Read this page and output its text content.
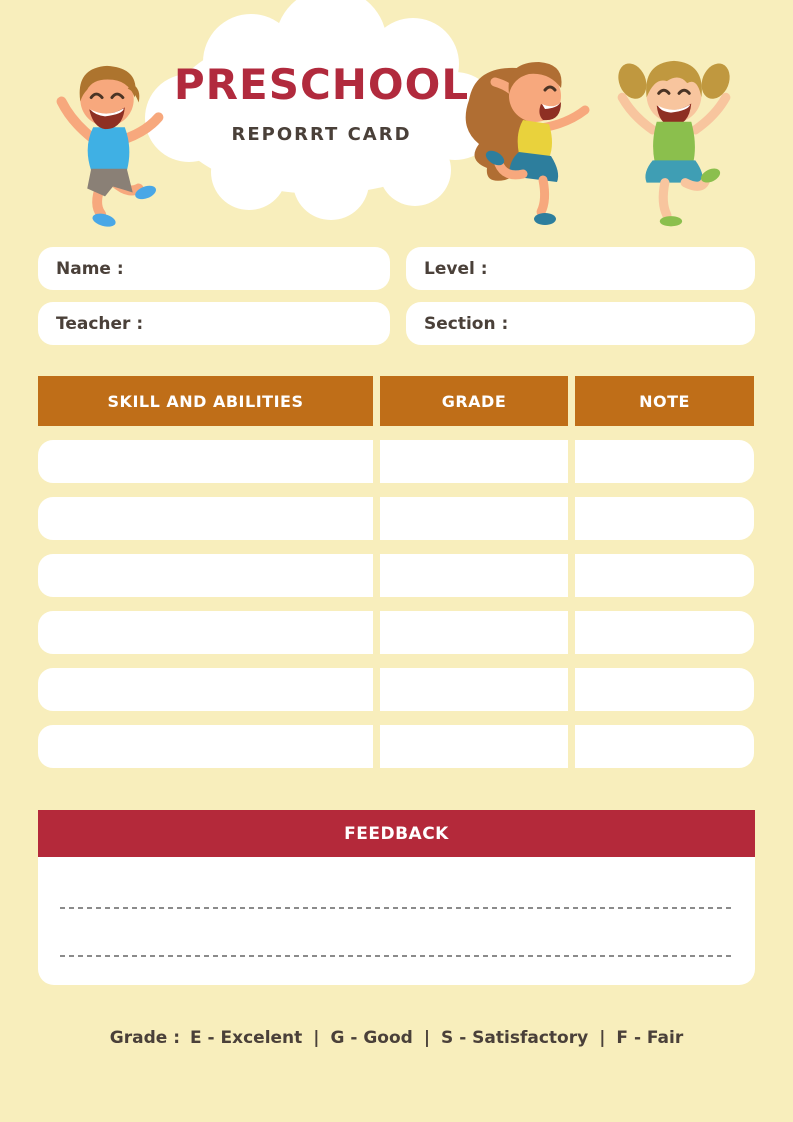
PRESCHOOL
REPORRT CARD
Name :	Level :
Teacher :	Section :
SKILL AND ABILITIES	GRADE	NOTE
FEEDBACK
Grade : E - Excelent | G - Good | S - Satisfactory | F - Fair
